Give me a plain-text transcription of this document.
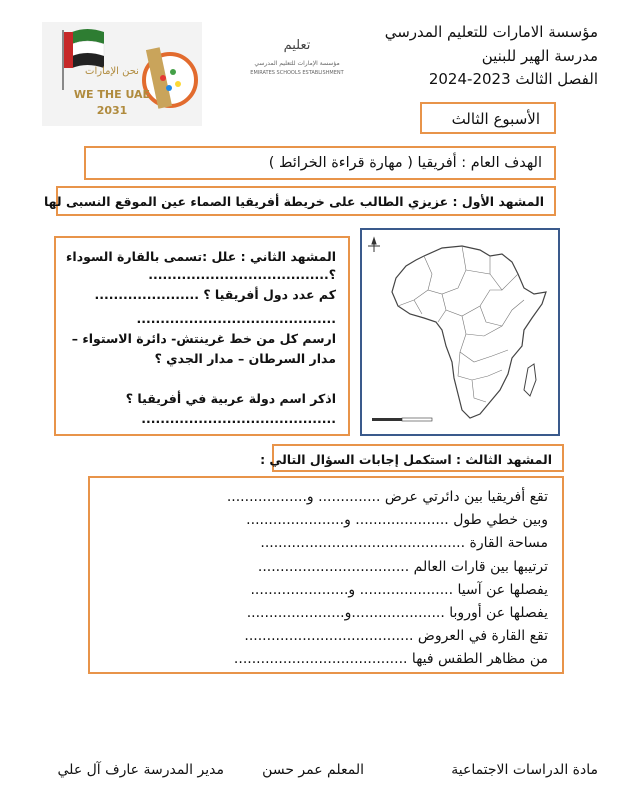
نحن الإمارات
WE THE UAE
2031
تعليم
مؤسسة الإمارات للتعليم المدرسي
EMIRATES SCHOOLS ESTABLISHMENT
مؤسسة الامارات للتعليم المدرسي
مدرسة الهير للبنين
الفصل الثالث 2023-2024
الأسبوع الثالث
الهدف العام : أفريقيا ( مهارة قراءة الخرائط )
المشهد الأول : عزيزي الطالب على خريطة أفريقيا الصماء عين الموقع النسبى لها
المشهد الثاني : علل :تسمى بالقارة السوداء
؟......................................
كم عدد دول أفريقيا ؟ ......................
..........................................
ارسم كل من خط غرينتش- دائرة الاستواء –
مدار السرطان – مدار الجدي ؟
اذكر اسم دولة عربية في أفريقيا ؟
.........................................
المشهد الثالث : استكمل إجابات السؤال التالي :
تقع أفريقيا بين دائرتي عرض .............. و..................
وبين خطي طول ..................... و......................
مساحة القارة ..............................................
ترتيبها بين قارات العالم ..................................
يفصلها عن آسيا ..................... و......................
يفصلها عن أوروبا .....................و......................
تقع القارة في العروض ......................................
من مظاهر الطقس فيها .......................................
مادة الدراسات الاجتماعية
المعلم عمر حسن
مدير المدرسة عارف آل علي
